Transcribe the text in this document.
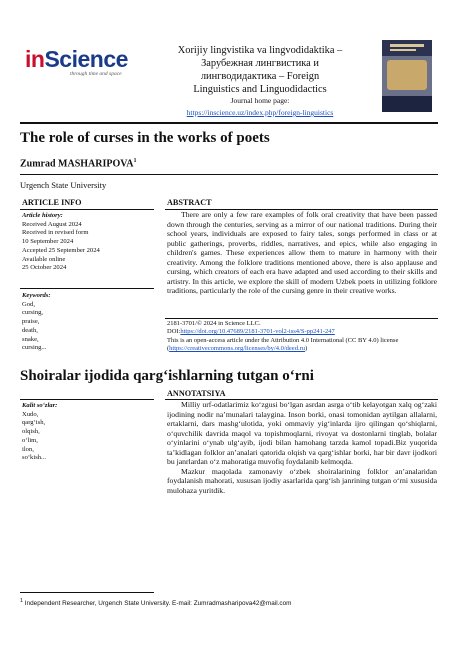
in Science
through time and space
Xorijiy lingvistika va lingvodidaktika –
Зарубежная лингвистика и
лингводидактика – Foreign
Linguistics and Linguodidactics
Journal home page:
https://inscience.uz/index.php/foreign-linguistics
The role of curses in the works of poets
Zumrad MASHARIPOVA$^1$
Urgench State University
ARTICLE INFO	ABSTRACT
Article history:
Received August 2024
Received in revised form
10 September 2024
Accepted 25 September 2024
Available online
25 October 2024
Keywords:
God,
cursing,
praise,
death,
snake,
cursing...

There are only a few rare examples of folk oral creativity that have been passed down through the centuries, serving as a mirror of our national traditions. During their school years, individuals are exposed to fairy tales, songs performed in class or at public gatherings, proverbs, riddles, narratives, and epics, while also engaging in children's games. These experiences allow them to mature in harmony with their creativity. Among the folklore traditions mentioned above, there is also applause and cursing, which creators of each era have adapted and used according to their skills and artistry. In this article, we explore the skill of modern Uzbek poets in utilizing folklore traditions, particularly the role of the cursing genre in their creative works.

2181-3701/© 2024 in Science LLC.
DOI:https://doi.org/10.47689/2181-3701-vol2-iss4/S-pp241-247
This is an open-access article under the Attribution 4.0 International (CC BY 4.0) license (https://creativecommons.org/licenses/by/4.0/deed.ru)
Shoiralar ijodida qarg‘ishlarning tutgan o‘rni
ANNOTATSIYA
Kalit so‘zlar:
Xudo,
qarg‘ish,
olqish,
o‘lim,
ilon,
so‘kish...

Milliy urf-odatlarimiz ko‘zgusi bo‘lgan asrdan asrga o‘tib kelayotgan xalq og‘zaki ijodining nodir na’munalari talaygina. Inson borki, onasi tomonidan aytilgan allalarni, ertaklarni, dars mashg‘ulotida, yoki ommaviy yig‘inlarda ijro qilingan qo‘shiqlarni, o‘quvchilik davrida maqol va topishmoqlarni, rivoyat va dostonlarni tinglab, bolalar o‘yinlarini o‘ynab ulg‘ayib, ijodi bilan hamohang tarzda kamol topadi.Biz yuqorida ta’kidlagan folklor an’analari qatorida olqish va qarg‘ishlar borki, har bir davr ijodkori bu janrlardan o‘z mahoratiga muvofiq foydalanib kelmoqda.

Mazkur maqolada zamonaviy o‘zbek shoiralarining folklor an’analaridan foydalanish mahorati, xususan ijodiy asarlarida qarg‘ish janrining tutgan o‘rni xususida mulohaza yuritdik.

$^1$ Independent Researcher, Urgench State University. E-mail: Zumradmasharipova42@mail.com
